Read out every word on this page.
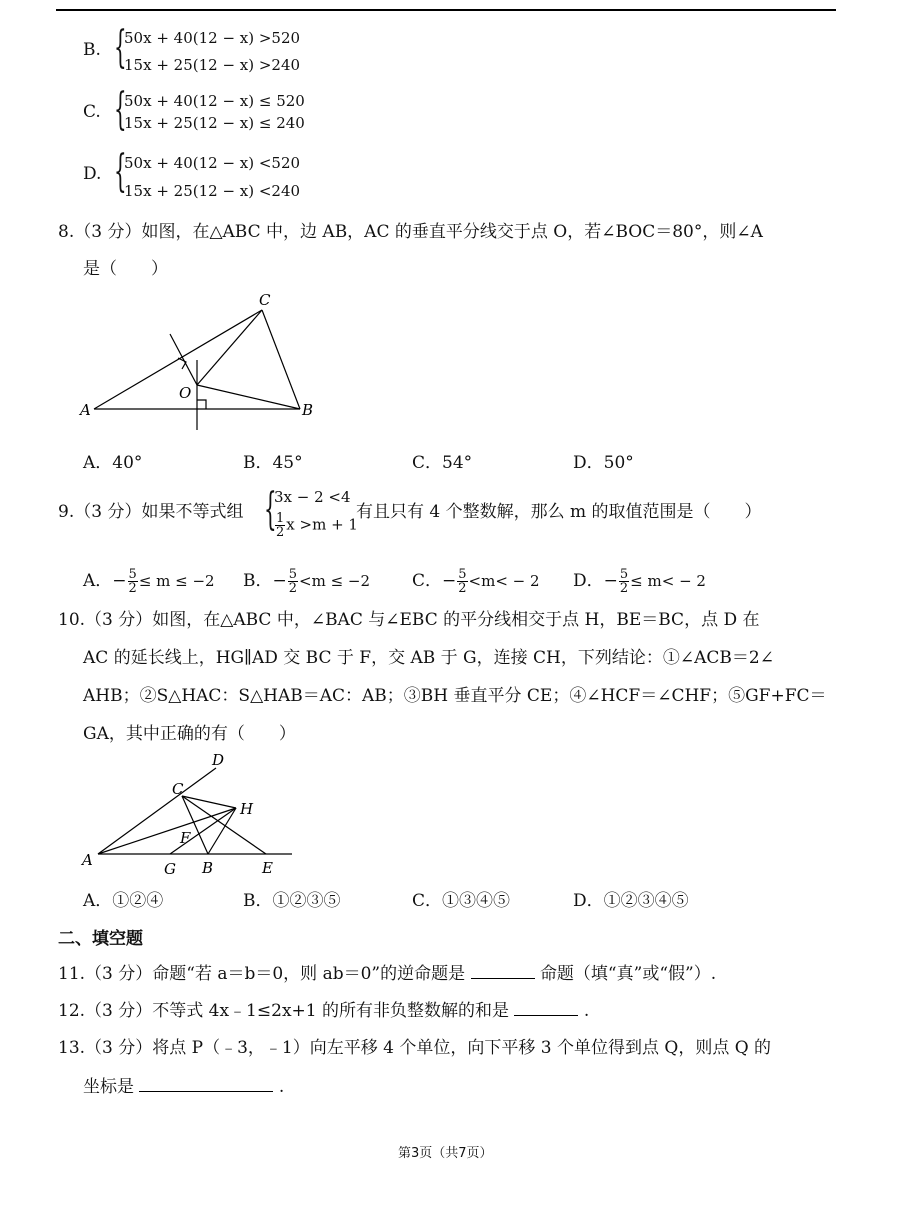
B. {
50x + 40(12 − x) >520
15x + 25(12 − x) >240
C. {
50x + 40(12 − x) ≤ 520
15x + 25(12 − x) ≤ 240
D. {
50x + 40(12 − x) <520
15x + 25(12 − x) <240
8.（3 分）如图，在△ABC 中，边 AB，AC 的垂直平分线交于点 O，若∠BOC＝80°，则∠A
是（　　）
A	B
C
O
A．40°	B．45°	C．54°	D．50°
9.（3 分）如果不等式组 {
3x − 2 <4
$\frac{1}{2}$ x >m + 1
有且只有 4 个整数解，那么 m 的取值范围是（　　）
A．− $\frac{5}{2} \le m \le -2$ B．− $\frac{5}{2} <m \le -2$ C．− $\frac{5}{2} <m< - 2$ D．− $\frac{5}{2} \le m< - 2$
10.（3 分）如图，在△ABC 中，∠BAC 与∠EBC 的平分线相交于点 H，BE＝BC，点 D 在
AC 的延长线上，HG∥AD 交 BC 于 F，交 AB 于 G，连接 CH，下列结论：①∠ACB＝2∠
AHB；②S△HAC：S△HAB＝AC：AB；③BH 垂直平分 CE；④∠HCF＝∠CHF；⑤GF+FC＝
GA，其中正确的有（　　）
A	B
C
D
E
F
G
H
A．①②④	B．①②③⑤	C．①③④⑤	D．①②③④⑤
二、填空题
11.（3 分）命题“若 a＝b＝0，则 ab＝0”的逆命题是	命题（填“真”或“假”）.
12.（3 分）不等式 4x﹣1≤2x+1 的所有非负整数解的和是	.
13.（3 分）将点 P（﹣3，﹣1）向左平移 4 个单位，向下平移 3 个单位得到点 Q，则点 Q 的
坐标是	.
第3页（共7页）
